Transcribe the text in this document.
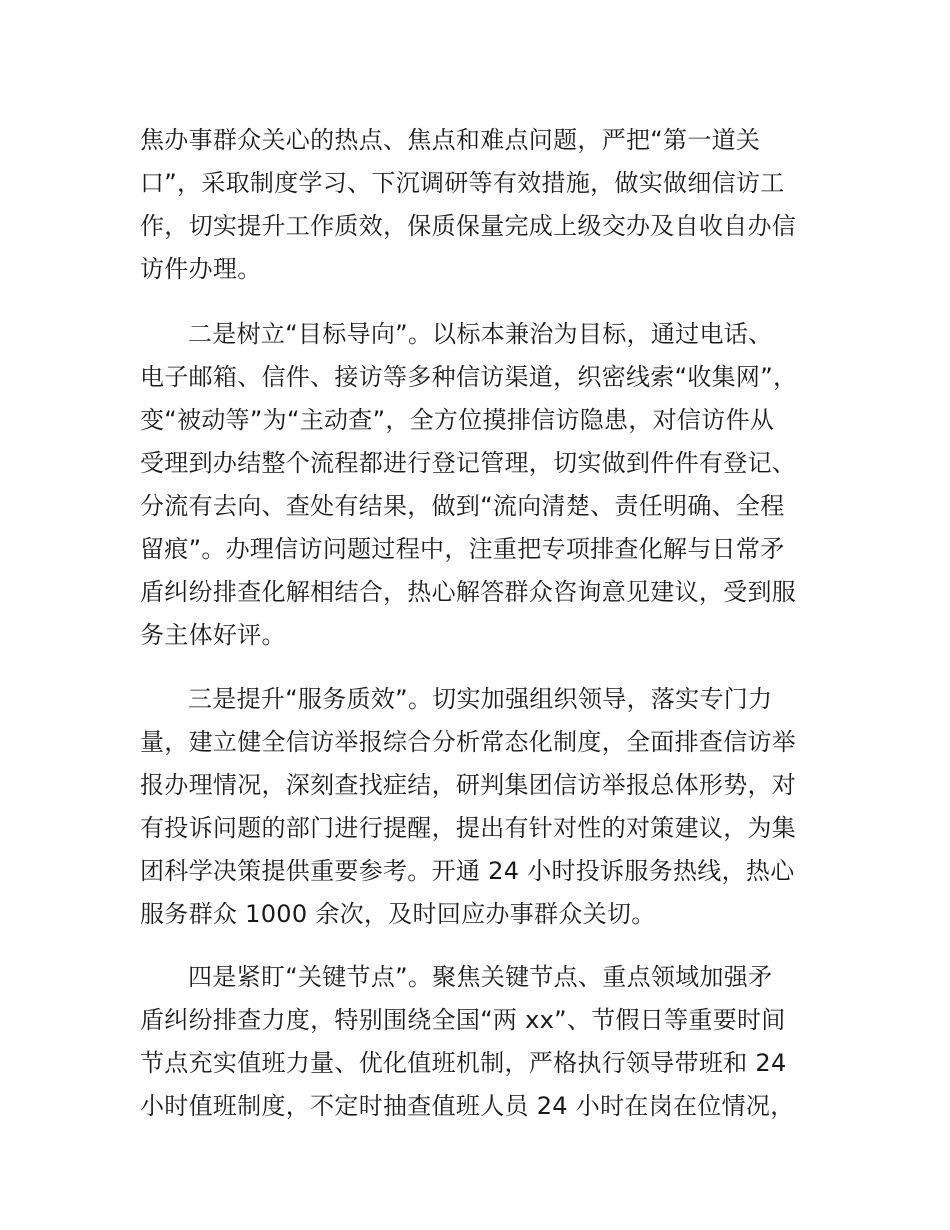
焦办事群众关心的热点、焦点和难点问题，严把“第一道关
口”，采取制度学习、下沉调研等有效措施，做实做细信访工
作，切实提升工作质效，保质保量完成上级交办及自收自办信
访件办理。
二是树立“目标导向”。以标本兼治为目标，通过电话、
电子邮箱、信件、接访等多种信访渠道，织密线索“收集网”，
变“被动等”为“主动查”，全方位摸排信访隐患，对信访件从
受理到办结整个流程都进行登记管理，切实做到件件有登记、
分流有去向、查处有结果，做到“流向清楚、责任明确、全程
留痕”。办理信访问题过程中，注重把专项排查化解与日常矛
盾纠纷排查化解相结合，热心解答群众咨询意见建议，受到服
务主体好评。
三是提升“服务质效”。切实加强组织领导，落实专门力
量，建立健全信访举报综合分析常态化制度，全面排查信访举
报办理情况，深刻查找症结，研判集团信访举报总体形势，对
有投诉问题的部门进行提醒，提出有针对性的对策建议，为集
团科学决策提供重要参考。开通 24 小时投诉服务热线，热心
服务群众 1000 余次，及时回应办事群众关切。
四是紧盯“关键节点”。聚焦关键节点、重点领域加强矛
盾纠纷排查力度，特别围绕全国“两 xx”、节假日等重要时间
节点充实值班力量、优化值班机制，严格执行领导带班和 24
小时值班制度，不定时抽查值班人员 24 小时在岗在位情况，
